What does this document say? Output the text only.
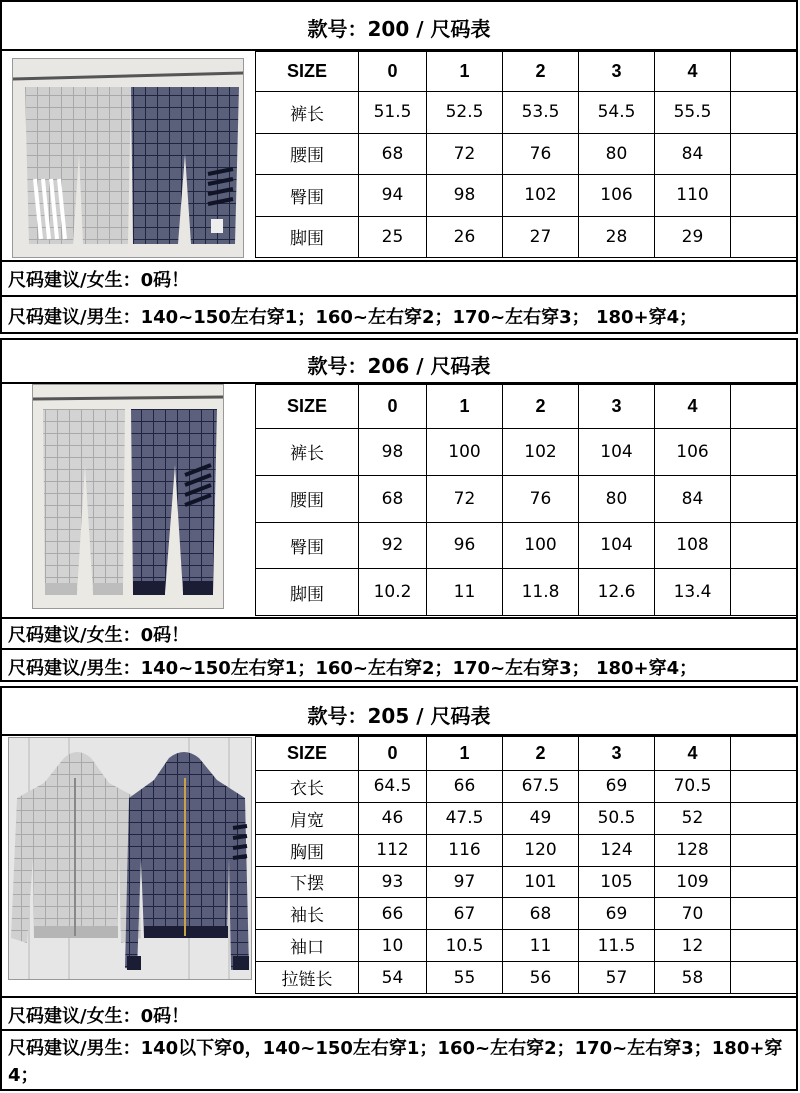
款号：200 / 尺码表
SIZE	0	1	2	3	4	
裤长	51.5	52.5	53.5	54.5	55.5	
腰围	68	72	76	80	84	
臀围	94	98	102	106	110	
脚围	25	26	27	28	29	
尺码建议/女生：0码！
尺码建议/男生：140~150左右穿1；160~左右穿2；170~左右穿3； 180+穿4；
款号：206 / 尺码表
SIZE	0	1	2	3	4	
裤长	98	100	102	104	106	
腰围	68	72	76	80	84	
臀围	92	96	100	104	108	
脚围	10.2	11	11.8	12.6	13.4	
尺码建议/女生：0码！
尺码建议/男生：140~150左右穿1；160~左右穿2；170~左右穿3； 180+穿4；
款号：205 / 尺码表
SIZE	0	1	2	3	4	
衣长	64.5	66	67.5	69	70.5	
肩宽	46	47.5	49	50.5	52	
胸围	112	116	120	124	128	
下摆	93	97	101	105	109	
袖长	66	67	68	69	70	
袖口	10	10.5	11	11.5	12	
拉链长	54	55	56	57	58	
尺码建议/女生：0码！
尺码建议/男生：140以下穿0，140~150左右穿1；160~左右穿2；170~左右穿3；180+穿4；
